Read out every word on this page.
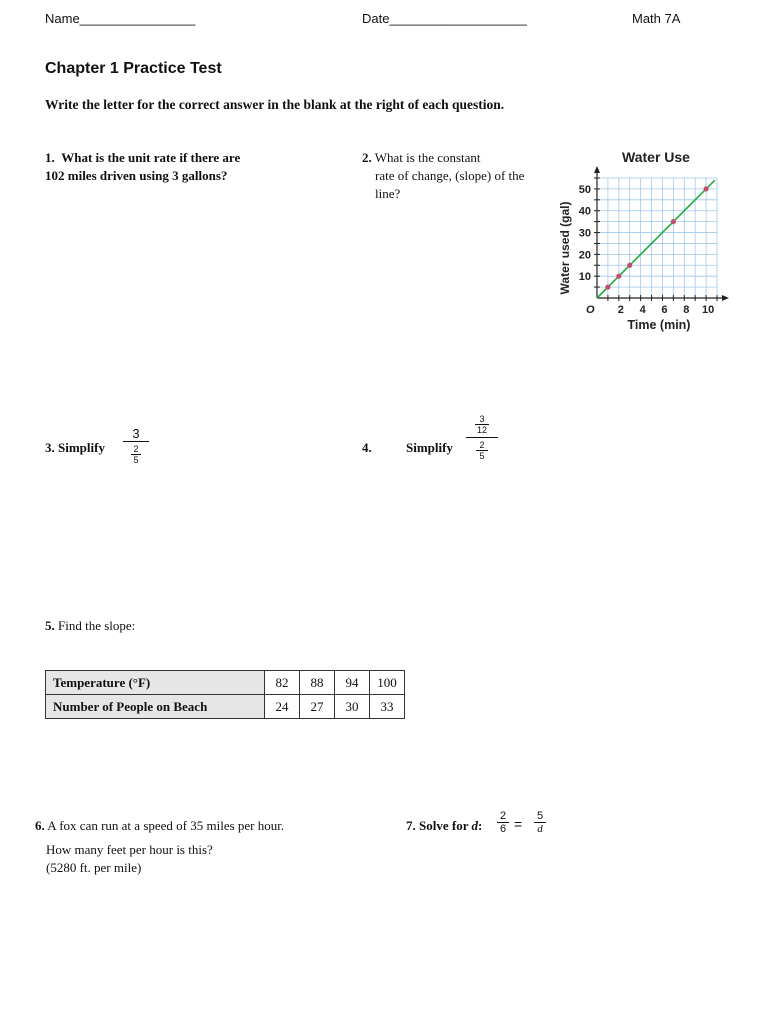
Name________________	Date___________________	Math 7A
Chapter 1 Practice Test
Write the letter for the correct answer in the blank at the right of each question.
1. What is the unit rate if there are
102 miles driven using 3 gallons?
2. What is the constant
rate of change, (slope) of the
line?
Water Use
2 4 6 8 10
10
20
30
40
50
O
Time (min)
Water used (gal)
3. Simplify
3
$\frac{2}{5}$	4.	Simplify
$\frac{3}{12}$
$\frac{2}{5}$
5. Find the slope:
Temperature (°F)	82	88	94	100
Number of People on Beach	24	27	30	33
6. A fox can run at a speed of 35 miles per hour.
How many feet per hour is this?
(5280 ft. per mile)
7. Solve for d:
2
6 = 5
d
